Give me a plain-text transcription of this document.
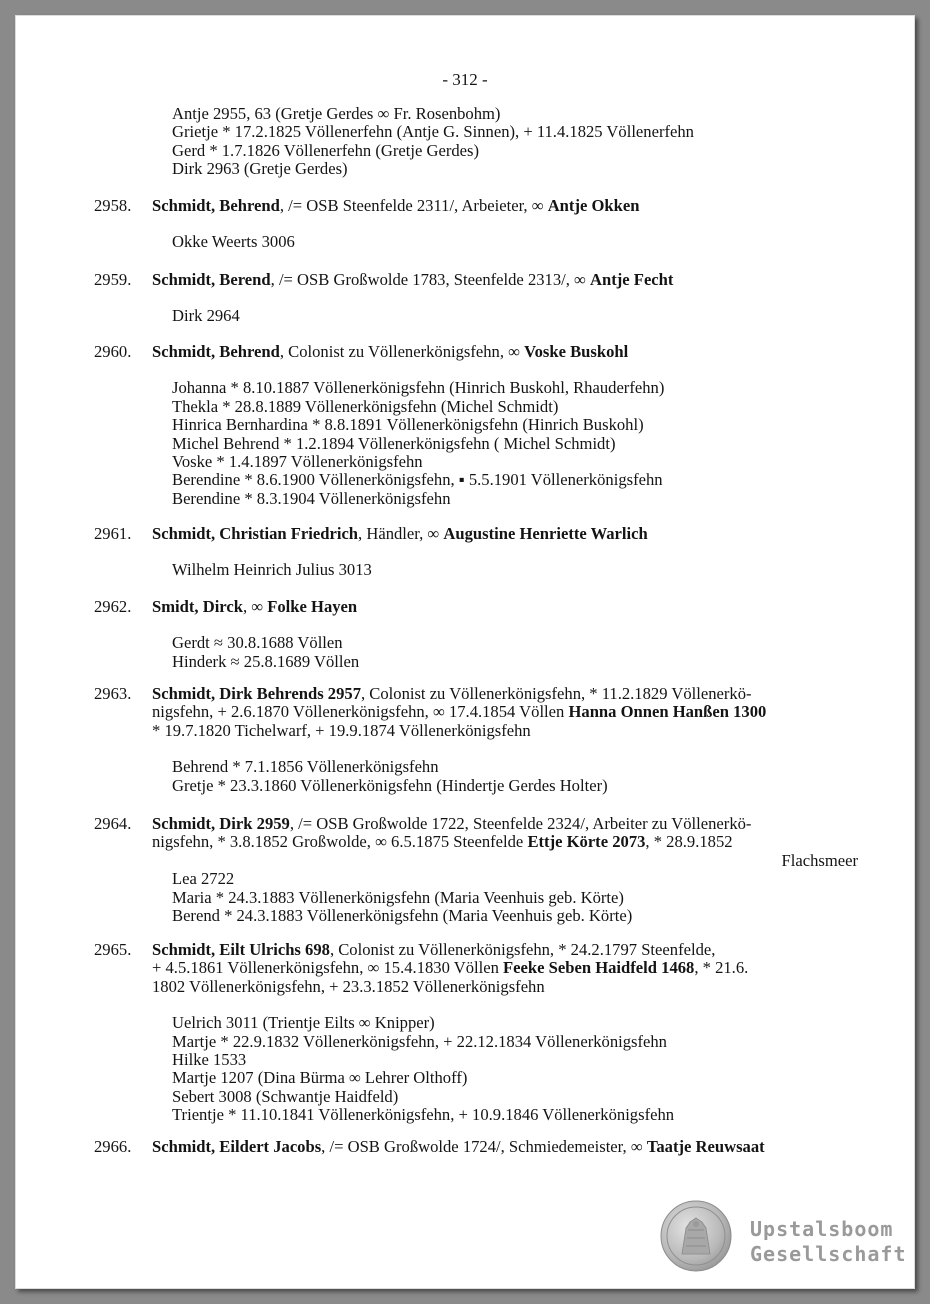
- 312 -
Antje 2955, 63 (Gretje Gerdes ∞ Fr. Rosenbohm)
Grietje * 17.2.1825 Völlenerfehn (Antje G. Sinnen), + 11.4.1825 Völlenerfehn
Gerd * 1.7.1826 Völlenerfehn (Gretje Gerdes)
Dirk 2963 (Gretje Gerdes)
2958. Schmidt, Behrend, /= OSB Steenfelde 2311/, Arbeieter, ∞ Antje Okken
Okke Weerts 3006
2959. Schmidt, Berend, /= OSB Großwolde 1783, Steenfelde 2313/, ∞ Antje Fecht
Dirk 2964
2960. Schmidt, Behrend, Colonist zu Völlenerkönigsfehn, ∞ Voske Buskohl
Johanna * 8.10.1887 Völlenerkönigsfehn (Hinrich Buskohl, Rhauderfehn)
Thekla * 28.8.1889 Völlenerkönigsfehn (Michel Schmidt)
Hinrica Bernhardina * 8.8.1891 Völlenerkönigsfehn (Hinrich Buskohl)
Michel Behrend * 1.2.1894 Völlenerkönigsfehn ( Michel Schmidt)
Voske * 1.4.1897 Völlenerkönigsfehn
Berendine * 8.6.1900 Völlenerkönigsfehn, ▪ 5.5.1901 Völlenerkönigsfehn
Berendine * 8.3.1904 Völlenerkönigsfehn
2961. Schmidt, Christian Friedrich, Händler, ∞ Augustine Henriette Warlich
Wilhelm Heinrich Julius 3013
2962. Smidt, Dirck, ∞ Folke Hayen
Gerdt ≈ 30.8.1688 Völlen
Hinderk ≈ 25.8.1689 Völlen
2963. Schmidt, Dirk Behrends 2957, Colonist zu Völlenerkönigsfehn, * 11.2.1829 Völlenerkö-
nigsfehn, + 2.6.1870 Völlenerkönigsfehn, ∞ 17.4.1854 Völlen Hanna Onnen Hanßen 1300
* 19.7.1820 Tichelwarf, + 19.9.1874 Völlenerkönigsfehn
Behrend * 7.1.1856 Völlenerkönigsfehn
Gretje * 23.3.1860 Völlenerkönigsfehn (Hindertje Gerdes Holter)
2964. Schmidt, Dirk 2959, /= OSB Großwolde 1722, Steenfelde 2324/, Arbeiter zu Völlenerkö-
nigsfehn, * 3.8.1852 Großwolde, ∞ 6.5.1875 Steenfelde Ettje Körte 2073, * 28.9.1852
Flachsmeer
Lea 2722
Maria * 24.3.1883 Völlenerkönigsfehn (Maria Veenhuis geb. Körte)
Berend * 24.3.1883 Völlenerkönigsfehn (Maria Veenhuis geb. Körte)
2965. Schmidt, Eilt Ulrichs 698, Colonist zu Völlenerkönigsfehn, * 24.2.1797 Steenfelde,
+ 4.5.1861 Völlenerkönigsfehn, ∞ 15.4.1830 Völlen Feeke Seben Haidfeld 1468, * 21.6.
1802 Völlenerkönigsfehn, + 23.3.1852 Völlenerkönigsfehn
Uelrich 3011 (Trientje Eilts ∞ Knipper)
Martje * 22.9.1832 Völlenerkönigsfehn, + 22.12.1834 Völlenerkönigsfehn
Hilke 1533
Martje 1207 (Dina Bürma ∞ Lehrer Olthoff)
Sebert 3008 (Schwantje Haidfeld)
Trientje * 11.10.1841 Völlenerkönigsfehn, + 10.9.1846 Völlenerkönigsfehn
2966. Schmidt, Eildert Jacobs, /= OSB Großwolde 1724/, Schmiedemeister, ∞ Taatje Reuwsaat
Upstalsboom
Gesellschaft
